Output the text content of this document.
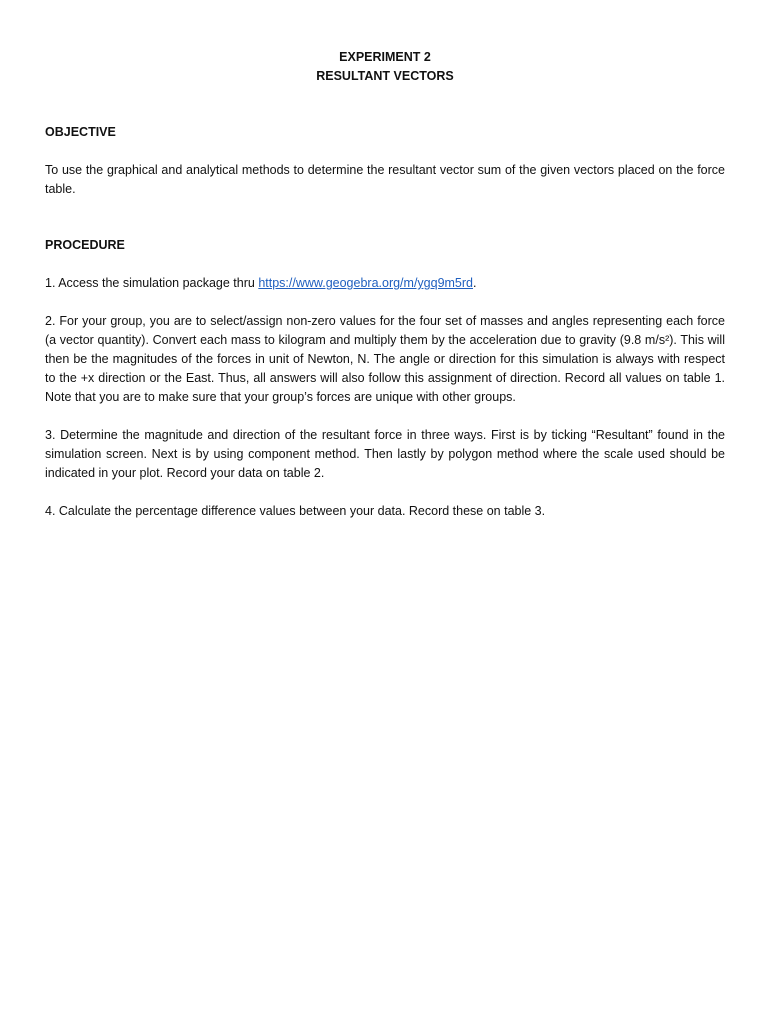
EXPERIMENT 2
RESULTANT VECTORS
OBJECTIVE
To use the graphical and analytical methods to determine the resultant vector sum of the given vectors placed on the force table.
PROCEDURE
1. Access the simulation package thru https://www.geogebra.org/m/ygq9m5rd.
2. For your group, you are to select/assign non-zero values for the four set of masses and angles representing each force (a vector quantity). Convert each mass to kilogram and multiply them by the acceleration due to gravity (9.8 m/s²). This will then be the magnitudes of the forces in unit of Newton, N. The angle or direction for this simulation is always with respect to the +x direction or the East. Thus, all answers will also follow this assignment of direction. Record all values on table 1. Note that you are to make sure that your group’s forces are unique with other groups.
3. Determine the magnitude and direction of the resultant force in three ways. First is by ticking “Resultant” found in the simulation screen. Next is by using component method. Then lastly by polygon method where the scale used should be indicated in your plot. Record your data on table 2.
4. Calculate the percentage difference values between your data. Record these on table 3.
